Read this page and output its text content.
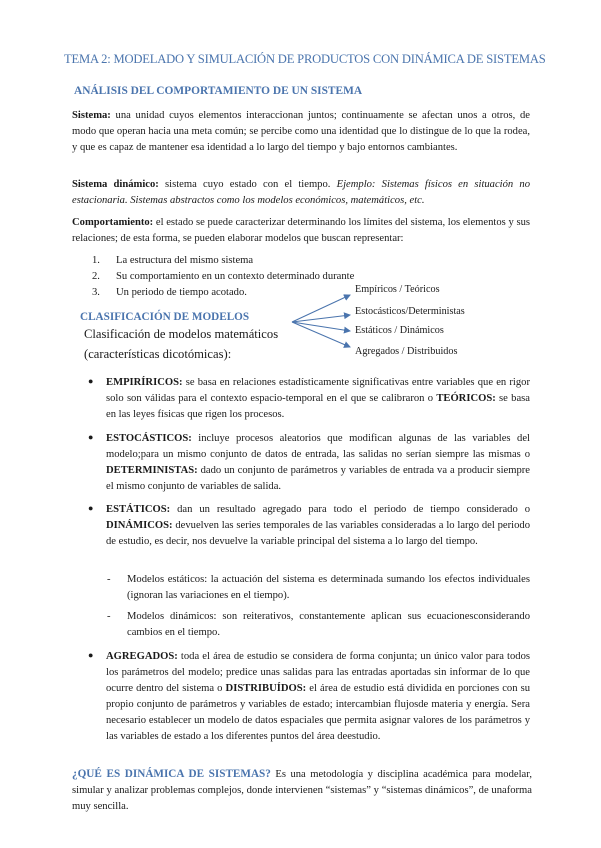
TEMA 2: MODELADO Y SIMULACIÓN DE PRODUCTOS CON DINÁMICA DE SISTEMAS
ANÁLISIS DEL COMPORTAMIENTO DE UN SISTEMA
Sistema: una unidad cuyos elementos interaccionan juntos; continuamente se afectan unos a otros, de modo que operan hacia una meta común; se percibe como una identidad que lo distingue de lo que la rodea, y que es capaz de mantener esa identidad a lo largo del tiempo y bajo entornos cambiantes.
Sistema dinámico: sistema cuyo estado con el tiempo. Ejemplo: Sistemas físicos en situación no estacionaria. Sistemas abstractos como los modelos económicos, matemáticos, etc.
Comportamiento: el estado se puede caracterizar determinando los límites del sistema, los elementos y sus relaciones; de esta forma, se pueden elaborar modelos que buscan representar:
1.	La estructura del mismo sistema
2.	Su comportamiento en un contexto determinado durante
3.	Un periodo de tiempo acotado.
CLASIFICACIÓN DE MODELOS
Clasificación de modelos matemáticos
(características dicotómicas):
Empíricos / Teóricos
Estocásticos/Deterministas
Estáticos / Dinámicos
Agregados / Distribuidos
● EMPIRÍRICOS: se basa en relaciones estadísticamente significativas entre variables que en rigor solo son válidas para el contexto espacio-temporal en el que se calibraron o TEÓRICOS: se basa en las leyes físicas que rigen los procesos.
● ESTOCÁSTICOS: incluye procesos aleatorios que modifican algunas de las variables del modelo;para un mismo conjunto de datos de entrada, las salidas no serían siempre las mismas o DETERMINISTAS: dado un conjunto de parámetros y variables de entrada va a producir siempre el mismo conjunto de variables de salida.
● ESTÁTICOS: dan un resultado agregado para todo el periodo de tiempo considerado o DINÁMICOS: devuelven las series temporales de las variables consideradas a lo largo del periodo de estudio, es decir, nos devuelve la variable principal del sistema a lo largo del tiempo.
- Modelos estáticos: la actuación del sistema es determinada sumando los efectos individuales (ignoran las variaciones en el tiempo).
- Modelos dinámicos: son reiterativos, constantemente aplican sus ecuacionesconsiderando cambios en el tiempo.
● AGREGADOS: toda el área de estudio se considera de forma conjunta; un único valor para todos los parámetros del modelo; predice unas salidas para las entradas aportadas sin informar de lo que ocurre dentro del sistema o DISTRIBUÍDOS: el área de estudio está dividida en porciones con su propio conjunto de parámetros y variables de estado; intercambian flujosde materia y energía. Sera necesario establecer un modelo de datos espaciales que permita asignar valores de los parámetros y las variables de estado a los diferentes puntos del área deestudio.
¿QUÉ ES DINÁMICA DE SISTEMAS? Es una metodología y disciplina académica para modelar, simular y analizar problemas complejos, donde intervienen “sistemas” y “sistemas dinámicos”, de unaforma muy sencilla.
